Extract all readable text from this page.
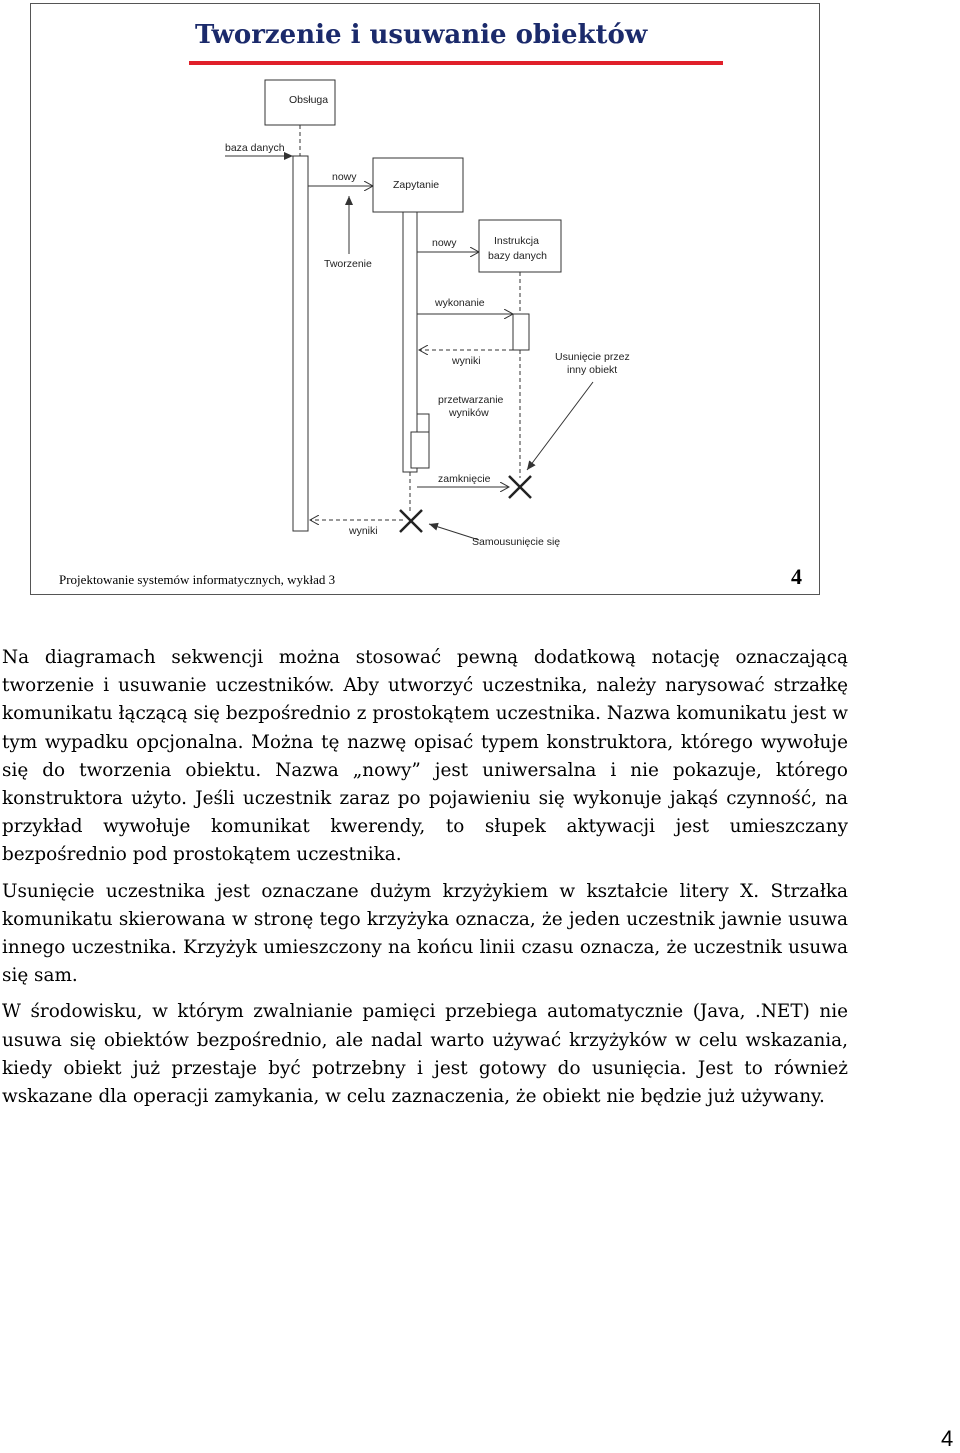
Tworzenie i usuwanie obiektów
Obsługa
baza danych
nowy
Tworzenie
Zapytanie
nowy	Instrukcja
bazy danych
wykonanie
wyniki	Usunięcie przez
inny obiekt
przetwarzanie
wyników
zamknięcie
wyniki
Samousunięcie się
Projektowanie systemów informatycznych, wykład 3	4

Na diagramach sekwencji można stosować pewną dodatkową notację oznaczającą tworzenie i usuwanie uczestników. Aby utworzyć uczestnika, należy narysować strzałkę komunikatu łączącą się bezpośrednio z prostokątem uczestnika. Nazwa komunikatu jest w tym wypadku opcjonalna. Można tę nazwę opisać typem konstruktora, którego wywołuje się do tworzenia obiektu. Nazwa „nowy” jest uniwersalna i nie pokazuje, którego konstruktora użyto. Jeśli uczestnik zaraz po pojawieniu się wykonuje jakąś czynność, na przykład wywołuje komunikat kwerendy, to słupek aktywacji jest umieszczany bezpośrednio pod prostokątem uczestnika.

Usunięcie uczestnika jest oznaczane dużym krzyżykiem w kształcie litery X. Strzałka komunikatu skierowana w stronę tego krzyżyka oznacza, że jeden uczestnik jawnie usuwa innego uczestnika. Krzyżyk umieszczony na końcu linii czasu oznacza, że uczestnik usuwa się sam.

W środowisku, w którym zwalnianie pamięci przebiega automatycznie (Java, .NET) nie usuwa się obiektów bezpośrednio, ale nadal warto używać krzyżyków w celu wskazania, kiedy obiekt już przestaje być potrzebny i jest gotowy do usunięcia. Jest to również wskazane dla operacji zamykania, w celu zaznaczenia, że obiekt nie będzie już używany.

4
